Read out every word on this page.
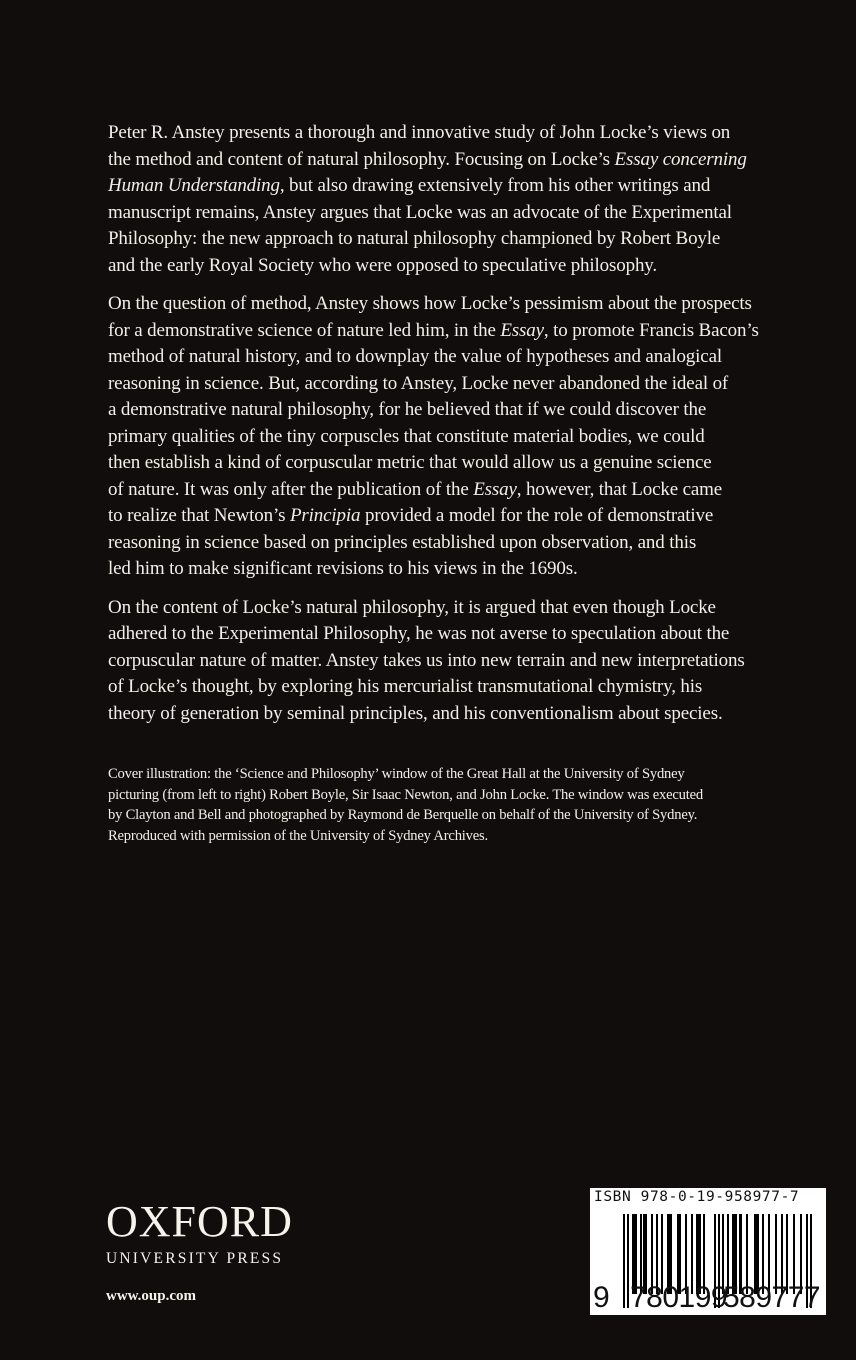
Peter R. Anstey presents a thorough and innovative study of John Locke’s views on
the method and content of natural philosophy. Focusing on Locke’s Essay concerning
Human Understanding, but also drawing extensively from his other writings and
manuscript remains, Anstey argues that Locke was an advocate of the Experimental
Philosophy: the new approach to natural philosophy championed by Robert Boyle
and the early Royal Society who were opposed to speculative philosophy.

On the question of method, Anstey shows how Locke’s pessimism about the prospects
for a demonstrative science of nature led him, in the Essay, to promote Francis Bacon’s
method of natural history, and to downplay the value of hypotheses and analogical
reasoning in science. But, according to Anstey, Locke never abandoned the ideal of
a demonstrative natural philosophy, for he believed that if we could discover the
primary qualities of the tiny corpuscles that constitute material bodies, we could
then establish a kind of corpuscular metric that would allow us a genuine science
of nature. It was only after the publication of the Essay, however, that Locke came
to realize that Newton’s Principia provided a model for the role of demonstrative
reasoning in science based on principles established upon observation, and this
led him to make significant revisions to his views in the 1690s.

On the content of Locke’s natural philosophy, it is argued that even though Locke
adhered to the Experimental Philosophy, he was not averse to speculation about the
corpuscular nature of matter. Anstey takes us into new terrain and new interpretations
of Locke’s thought, by exploring his mercurialist transmutational chymistry, his
theory of generation by seminal principles, and his conventionalism about species.

Cover illustration: the ‘Science and Philosophy’ window of the Great Hall at the University of Sydney
picturing (from left to right) Robert Boyle, Sir Isaac Newton, and John Locke. The window was executed
by Clayton and Bell and photographed by Raymond de Berquelle on behalf of the University of Sydney.
Reproduced with permission of the University of Sydney Archives.
OXFORD
UNIVERSITY PRESS
www.oup.com
ISBN 978-0-19-958977-7
9 780199
589777
